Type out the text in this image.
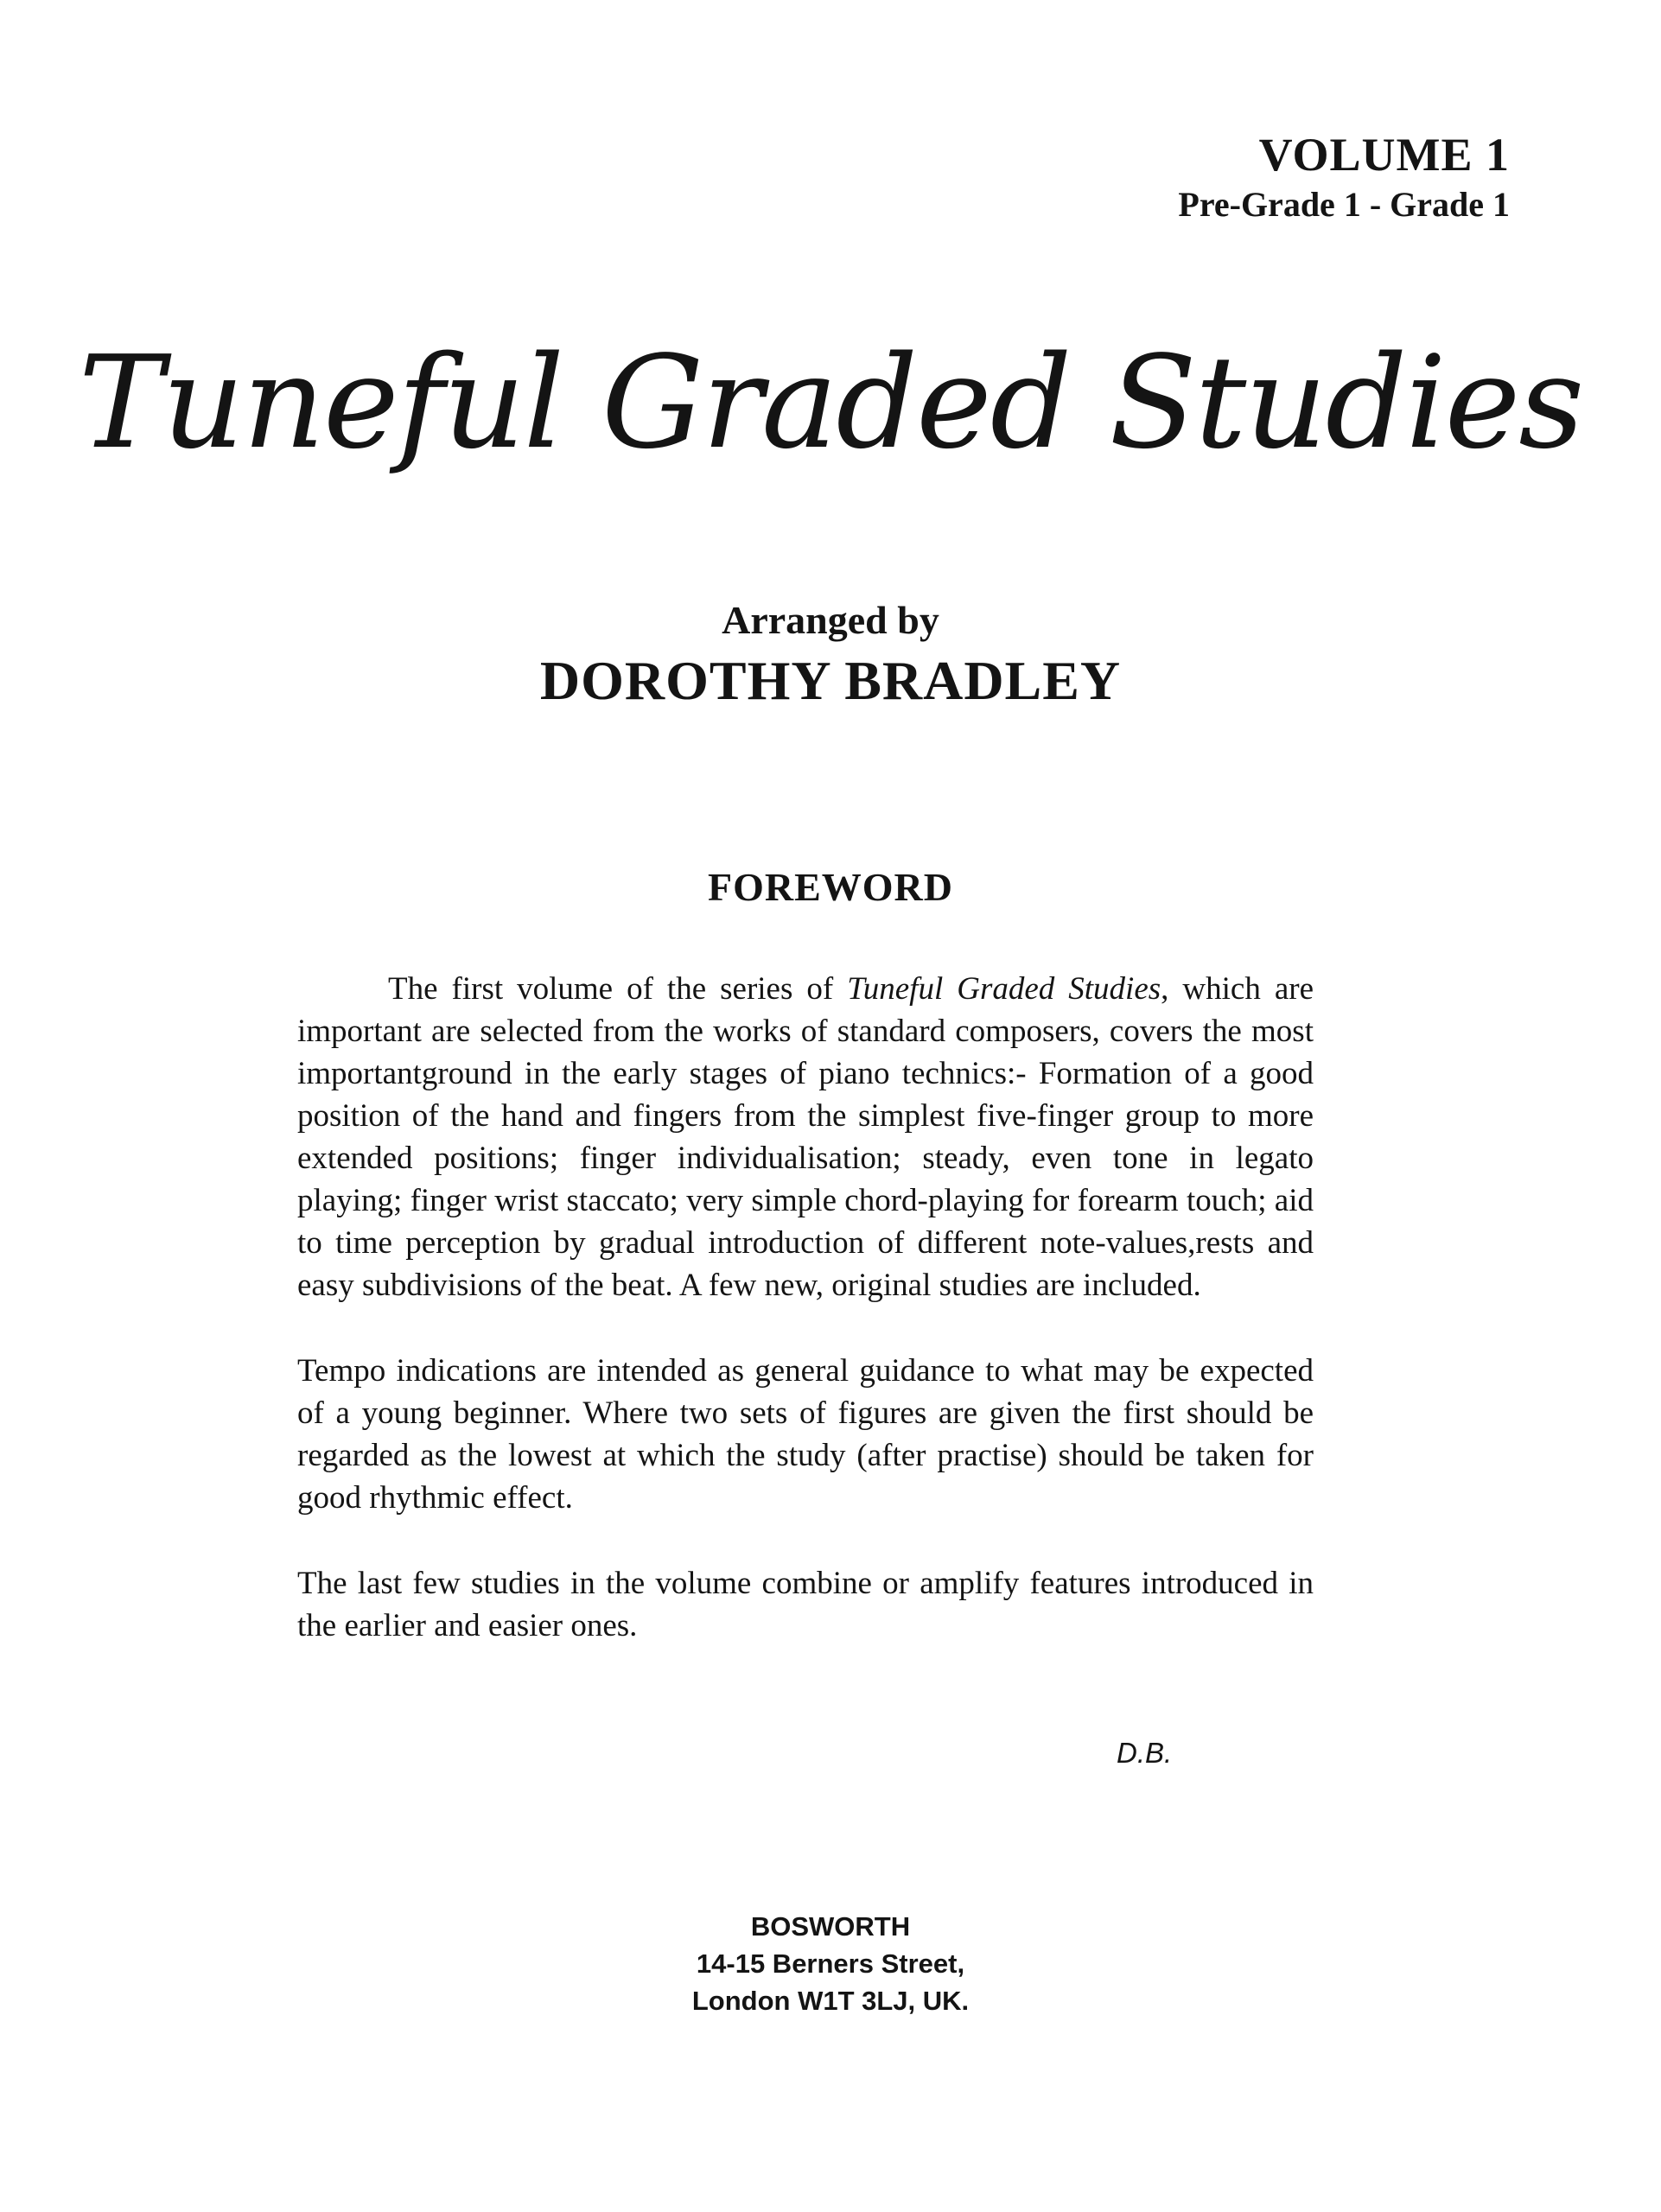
VOLUME 1
Pre-Grade 1 - Grade 1
Tuneful Graded Studies
Arranged by
DOROTHY BRADLEY
FOREWORD

The first volume of the series of Tuneful Graded Studies, which are important are selected from the works of standard composers, covers the most importantground in the early stages of piano technics:- Formation of a good position of the hand and fingers from the simplest five-finger group to more extended positions; finger individualisation; steady, even tone in legato playing; finger wrist staccato; very simple chord-playing for forearm touch; aid to time perception by gradual introduction of different note-values,rests and easy subdivisions of the beat. A few new, original studies are included.

Tempo indications are intended as general guidance to what may be expected of a young beginner. Where two sets of figures are given the first should be regarded as the lowest at which the study (after practise) should be taken for good rhythmic effect.

The last few studies in the volume combine or amplify features introduced in the earlier and easier ones.

D.B.
BOSWORTH
14-15 Berners Street,
London W1T 3LJ, UK.
